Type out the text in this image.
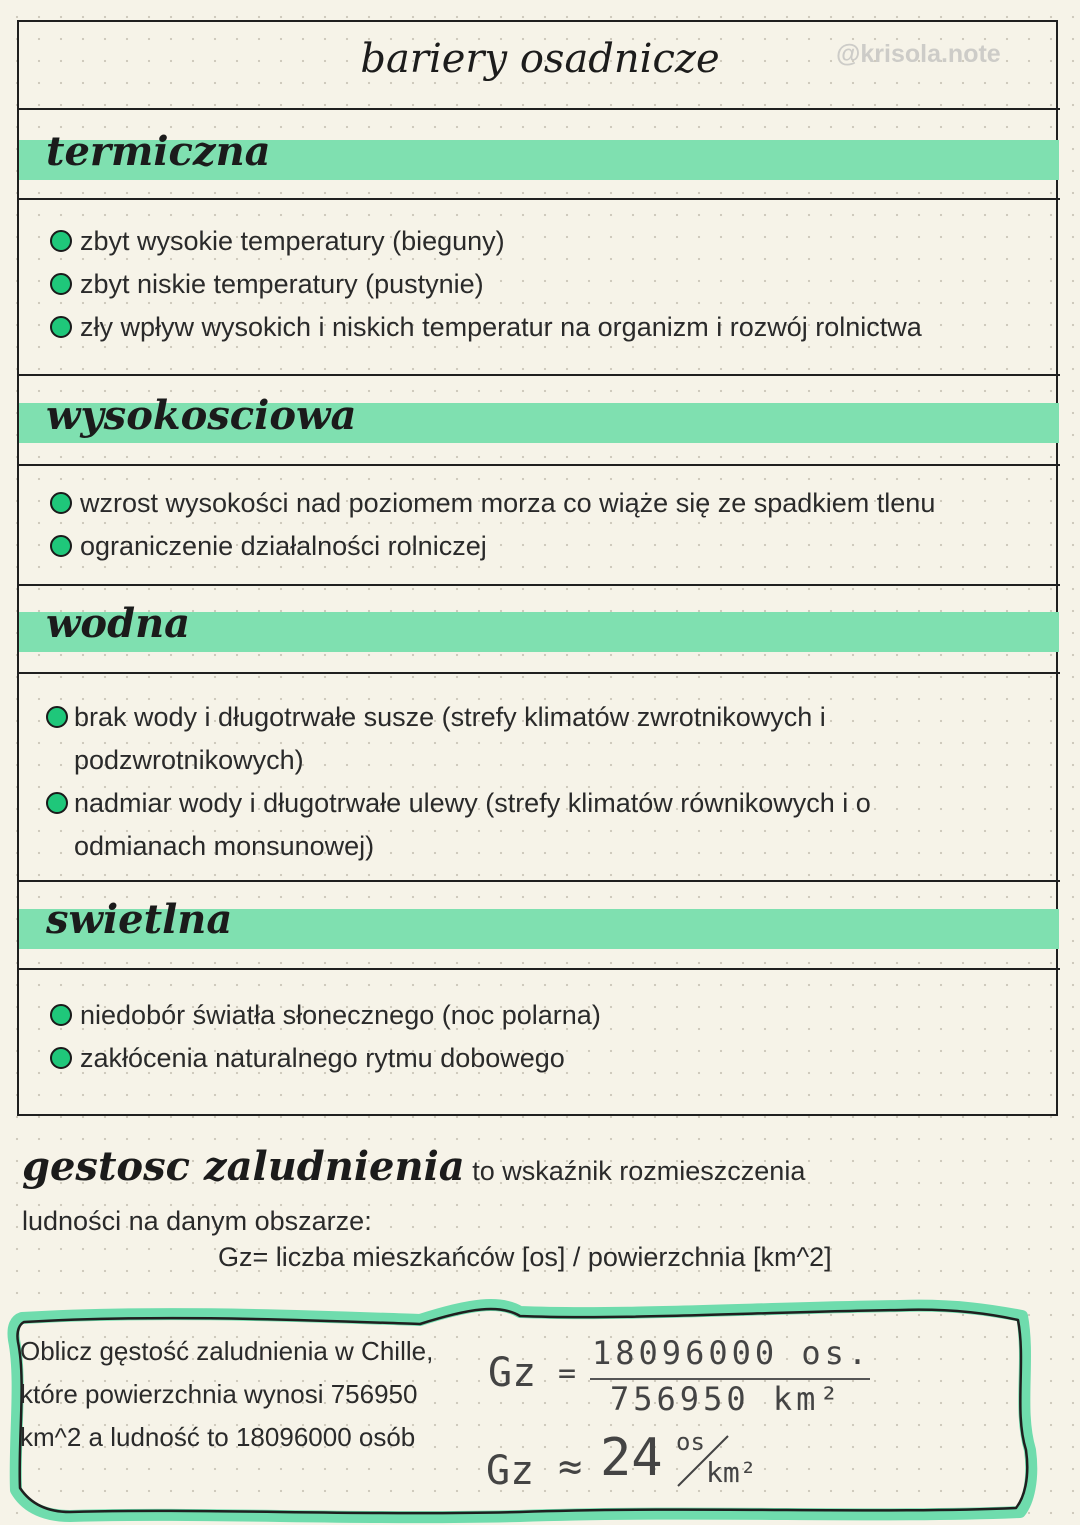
bariery osadnicze	@krisola.note
termiczna
zbyt wysokie temperatury (bieguny)
zbyt niskie temperatury (pustynie)
zły wpływ wysokich i niskich temperatur na organizm i rozwój rolnictwa
wysokosciowa
wzrost wysokości nad poziomem morza co wiąże się ze spadkiem tlenu
ograniczenie działalności rolniczej
wodna
brak wody i długotrwałe susze (strefy klimatów zwrotnikowych i podzwrotnikowych)
nadmiar wody i długotrwałe ulewy (strefy klimatów równikowych i o odmianach monsunowej)
swietlna
niedobór światła słonecznego (noc polarna)
zakłócenia naturalnego rytmu dobowego
gestosc zaludnienia to wskaźnik rozmieszczenia ludności na danym obszarze:
Gz= liczba mieszkańców [os] / powierzchnia [km^2]
Oblicz gęstość zaludnienia w Chille, które powierzchnia wynosi 756950 km^2 a ludność to 18096000 osób
Gz =
18096000 os.
756950 km²
Gz ≈ 24 os
km²
